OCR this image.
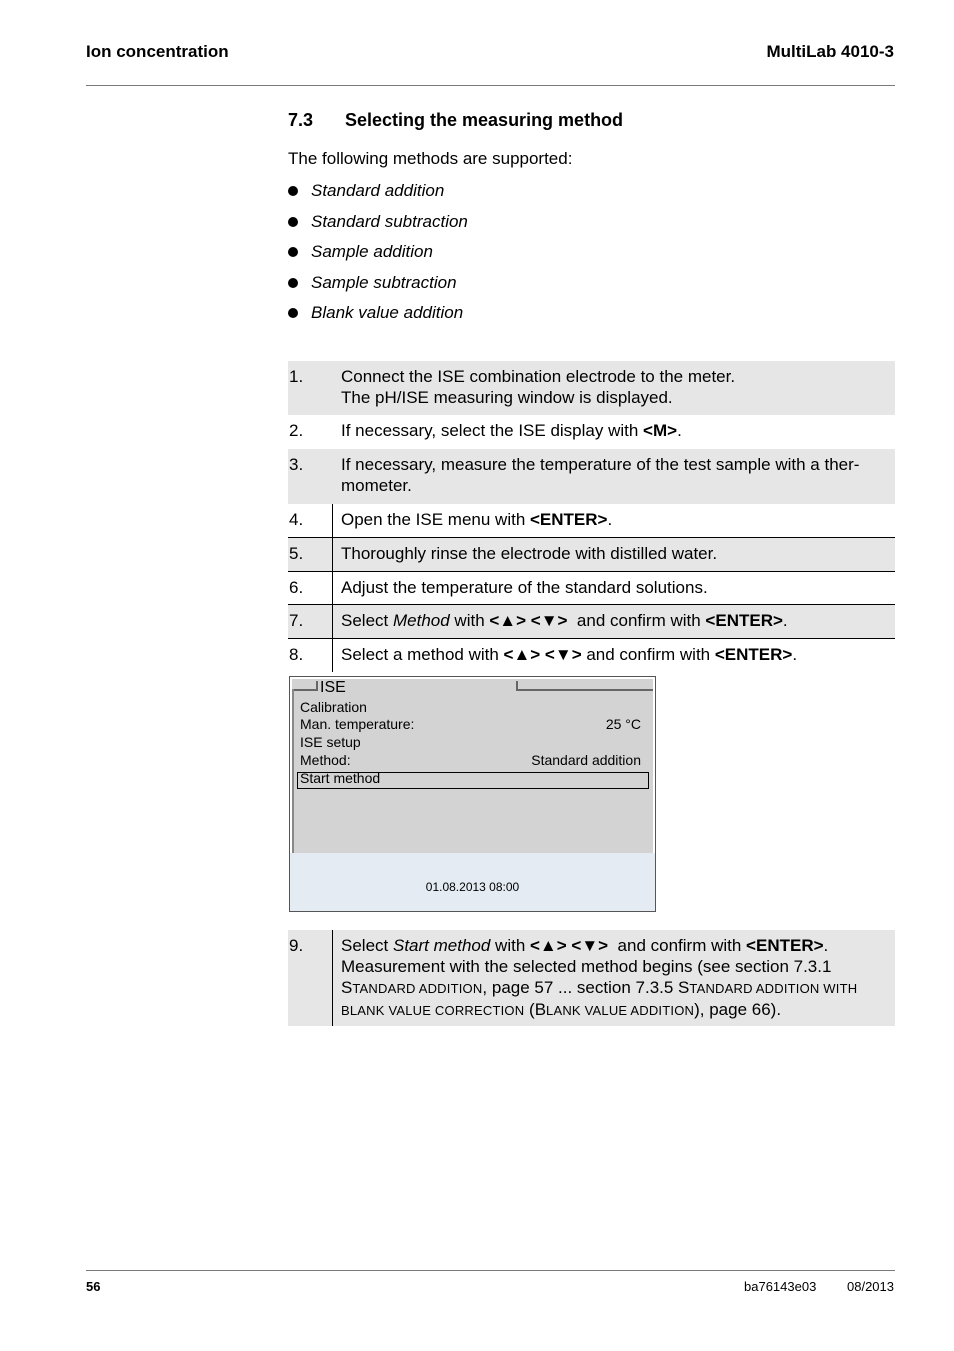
Ion concentration	MultiLab 4010-3
7.3 Selecting the measuring method
The following methods are supported:
Standard addition
Standard subtraction
Sample addition
Sample subtraction
Blank value addition
1. Connect the ISE combination electrode to the meter.
The pH/ISE measuring window is displayed.
2. If necessary, select the ISE display with <M>.
3. If necessary, measure the temperature of the test sample with a ther-
mometer.
4.	Open the ISE menu with <ENTER>.
5.	Thoroughly rinse the electrode with distilled water.
6.	Adjust the temperature of the standard solutions.
7.	Select Method with <▲> <▼>  and confirm with <ENTER>.
8.	Select a method with <▲> <▼> and confirm with <ENTER>.
ISE
Calibration
Man. temperature:	25 °C
ISE setup
Method:	Standard addition
Start method
01.08.2013 08:00
9. Select Start method with <▲> <▼>  and confirm with <ENTER>.
Measurement with the selected method begins (see section 7.3.1
STANDARD ADDITION, page 57 ... section 7.3.5 STANDARD ADDITION WITH
BLANK VALUE CORRECTION (BLANK VALUE ADDITION), page 66).
56	ba76143e03 08/2013
